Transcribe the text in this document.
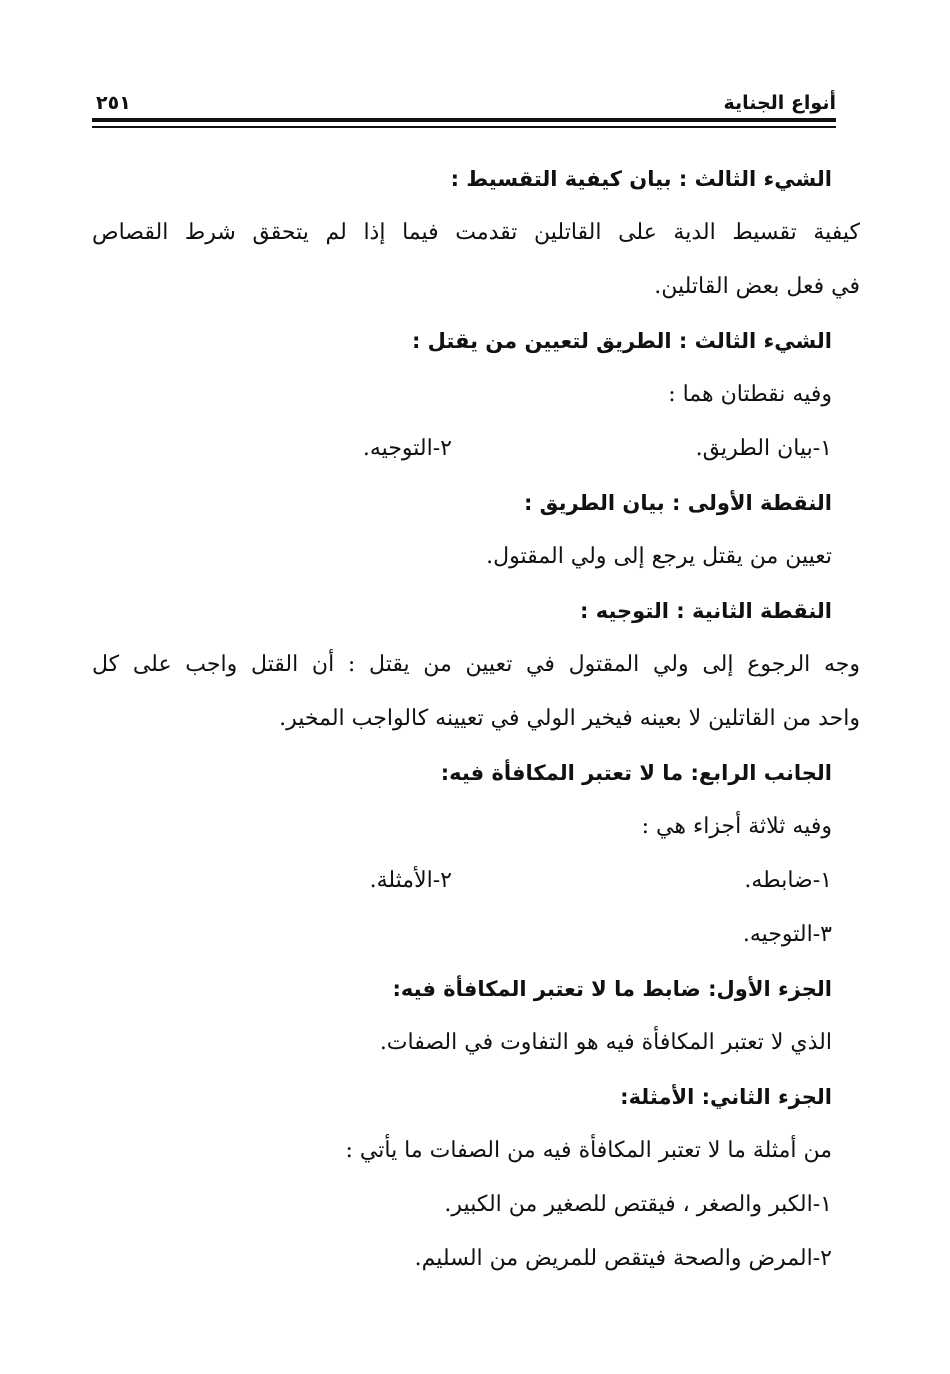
أنواع الجناية
٢٥١
الشيء الثالث : بيان كيفية التقسيط :
كيفية تقسيط الدية على القاتلين تقدمت فيما إذا لم يتحقق شرط القصاص
في فعل بعض القاتلين.
الشيء الثالث : الطريق لتعيين من يقتل :
وفيه نقطتان هما :
١-بيان الطريق.
٢-التوجيه.
النقطة الأولى : بيان الطريق :
تعيين من يقتل يرجع إلى ولي المقتول.
النقطة الثانية : التوجيه :
وجه الرجوع إلى ولي المقتول في تعيين من يقتل : أن القتل واجب على كل
واحد من القاتلين لا بعينه فيخير الولي في تعيينه كالواجب المخير.
الجانب الرابع: ما لا تعتبر المكافأة فيه:
وفيه ثلاثة أجزاء هي :
١-ضابطه.
٢-الأمثلة.
٣-التوجيه.
الجزء الأول: ضابط ما لا تعتبر المكافأة فيه:
الذي لا تعتبر المكافأة فيه هو التفاوت في الصفات.
الجزء الثاني: الأمثلة:
من أمثلة ما لا تعتبر المكافأة فيه من الصفات ما يأتي :
١-الكبر والصغر ، فيقتص للصغير من الكبير.
٢-المرض والصحة فيتقص للمريض من السليم.
